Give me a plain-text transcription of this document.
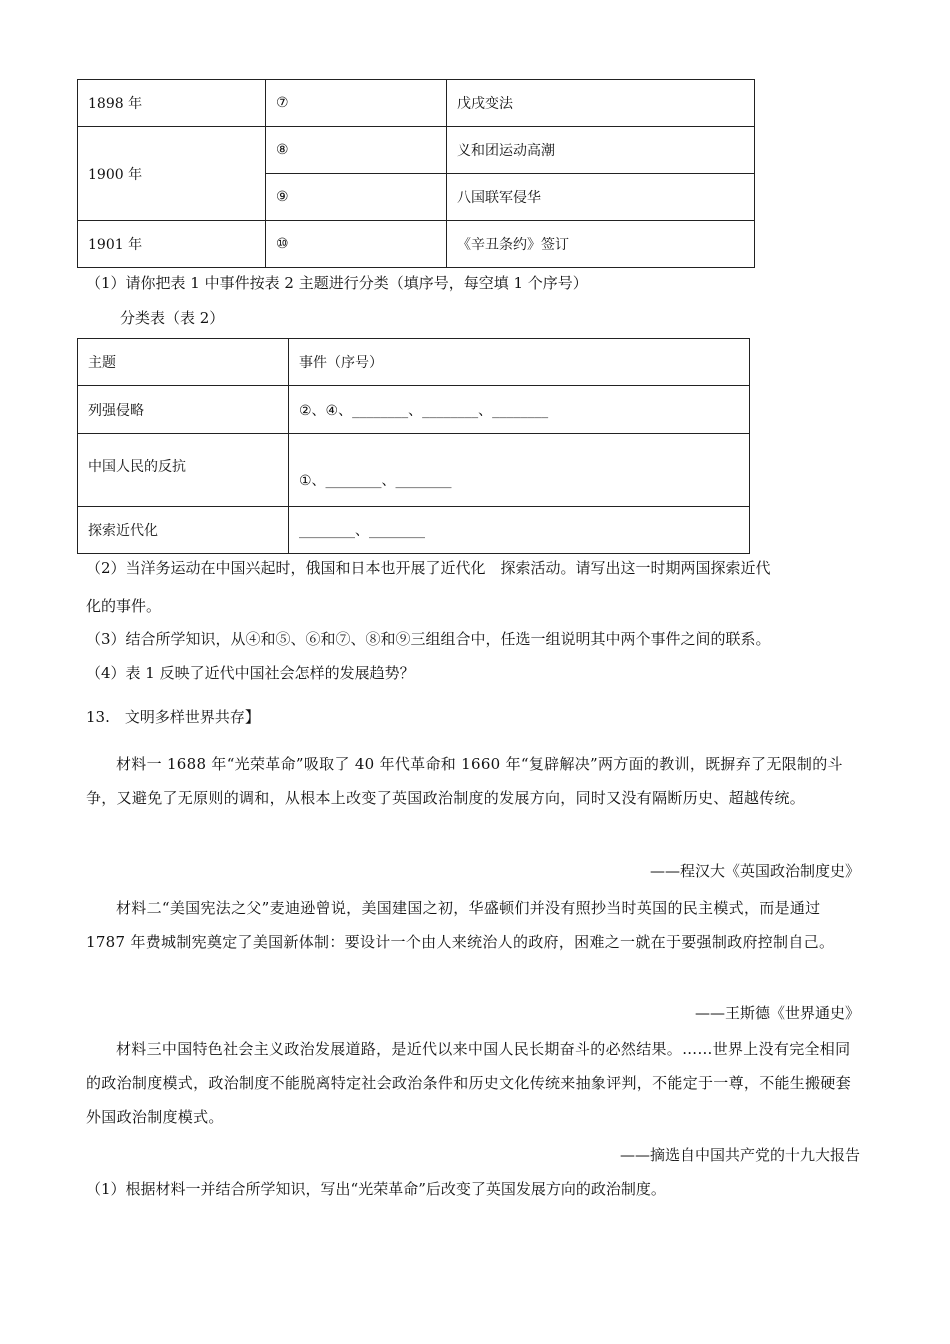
1898 年	⑦	戊戌变法
1900 年	⑧	义和团运动高潮
	⑨	八国联军侵华
1901 年	⑩	《辛丑条约》签订
（1）请你把表 1 中事件按表 2 主题进行分类（填序号，每空填 1 个序号）
分类表（表 2）
主题	事件（序号）
列强侵略	②、④、________、________、________
中国人民的反抗	①、________、________
探索近代化	________、________
（2）当洋务运动在中国兴起时，俄国和日本也开展了近代化　探索活动。请写出这一时期两国探索近代
化的事件。
（3）结合所学知识，从④和⑤、⑥和⑦、⑧和⑨三组组合中，任选一组说明其中两个事件之间的联系。
（4）表 1 反映了近代中国社会怎样的发展趋势？
13.　文明多样世界共存】

材料一 1688 年“光荣革命”吸取了 40 年代革命和 1660 年“复辟解决”两方面的教训，既摒弃了无限制的斗争，又避免了无原则的调和，从根本上改变了英国政治制度的发展方向，同时又没有隔断历史、超越传统。

——程汉大《英国政治制度史》

材料二“美国宪法之父”麦迪逊曾说，美国建国之初，华盛顿们并没有照抄当时英国的民主模式，而是通过 1787 年费城制宪奠定了美国新体制：要设计一个由人来统治人的政府，困难之一就在于要强制政府控制自己。

——王斯德《世界通史》

材料三中国特色社会主义政治发展道路，是近代以来中国人民长期奋斗的必然结果。……世界上没有完全相同的政治制度模式，政治制度不能脱离特定社会政治条件和历史文化传统来抽象评判，不能定于一尊，不能生搬硬套外国政治制度模式。

——摘选自中国共产党的十九大报告
（1）根据材料一并结合所学知识，写出“光荣革命”后改变了英国发展方向的政治制度。
